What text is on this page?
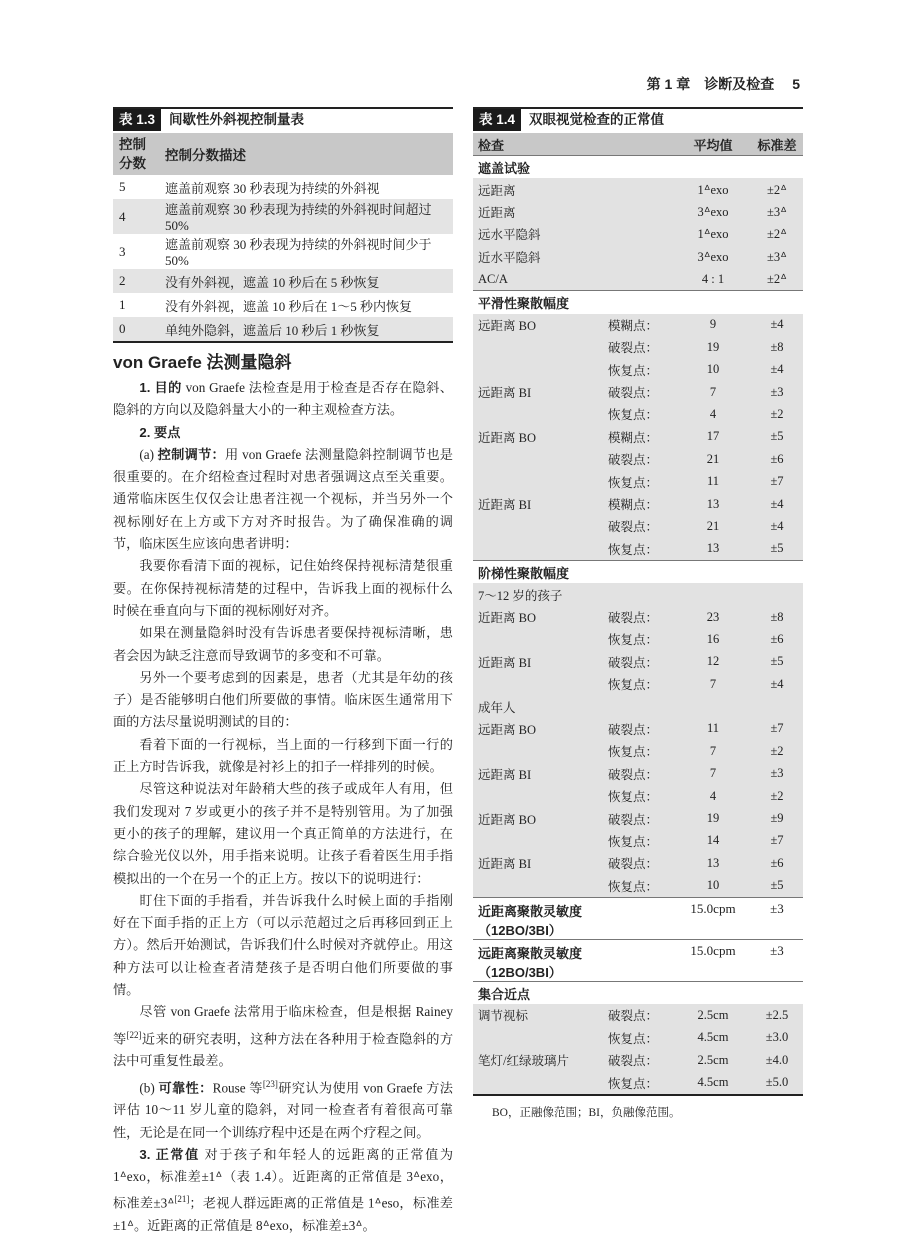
第 1 章 诊断及检查 5
表 1.3 间歇性外斜视控制量表
控制
分数	控制分数描述
5	遮盖前观察 30 秒表现为持续的外斜视
4	遮盖前观察 30 秒表现为持续的外斜视时间超过 50%
3	遮盖前观察 30 秒表现为持续的外斜视时间少于 50%
2	没有外斜视，遮盖 10 秒后在 5 秒恢复
1	没有外斜视，遮盖 10 秒后在 1～5 秒内恢复
0	单纯外隐斜，遮盖后 10 秒后 1 秒恢复
von Graefe 法测量隐斜

1. 目的 von Graefe 法检查是用于检查是否存在隐斜、隐斜的方向以及隐斜量大小的一种主观检查方法。

2. 要点

(a) 控制调节：用 von Graefe 法测量隐斜控制调节也是很重要的。在介绍检查过程时对患者强调这点至关重要。通常临床医生仅仅会让患者注视一个视标，并当另外一个视标刚好在上方或下方对齐时报告。为了确保准确的调节，临床医生应该向患者讲明：

我要你看清下面的视标，记住始终保持视标清楚很重要。在你保持视标清楚的过程中，告诉我上面的视标什么时候在垂直向与下面的视标刚好对齐。

如果在测量隐斜时没有告诉患者要保持视标清晰，患者会因为缺乏注意而导致调节的多变和不可靠。

另外一个要考虑到的因素是，患者（尤其是年幼的孩子）是否能够明白他们所要做的事情。临床医生通常用下面的方法尽量说明测试的目的：

看着下面的一行视标，当上面的一行移到下面一行的正上方时告诉我，就像是衬衫上的扣子一样排列的时候。

尽管这种说法对年龄稍大些的孩子或成年人有用，但我们发现对 7 岁或更小的孩子并不是特别管用。为了加强更小的孩子的理解，建议用一个真正简单的方法进行，在综合验光仪以外，用手指来说明。让孩子看着医生用手指模拟出的一个在另一个的正上方。按以下的说明进行：

盯住下面的手指看，并告诉我什么时候上面的手指刚好在下面手指的正上方（可以示范超过之后再移回到正上方）。然后开始测试，告诉我们什么时候对齐就停止。用这种方法可以让检查者清楚孩子是否明白他们所要做的事情。

尽管 von Graefe 法常用于临床检查，但是根据 Rainey 等[22]近来的研究表明，这种方法在各种用于检查隐斜的方法中可重复性最差。

(b) 可靠性：Rouse 等[23]研究认为使用 von Graefe 方法评估 10～11 岁儿童的隐斜，对同一检查者有着很高可靠性，无论是在同一个训练疗程中还是在两个疗程之间。

3. 正常值 对于孩子和年轻人的远距离的正常值为 1ᐞexo，标准差±1ᐞ（表 1.4）。近距离的正常值是 3ᐞexo，标准差±3ᐞ[21]；老视人群远距离的正常值是 1ᐞeso，标准差±1ᐞ。近距离的正常值是 8ᐞexo，标准差±3ᐞ。

表 1.4 双眼视觉检查的正常值
检查		平均值	标准差
遮盖试验			
远距离		1ᐞexo	±2ᐞ
近距离		3ᐞexo	±3ᐞ
远水平隐斜		1ᐞexo	±2ᐞ
近水平隐斜		3ᐞexo	±3ᐞ
AC/A		4 : 1	±2ᐞ
平滑性聚散幅度			
远距离 BO	模糊点：	9	±4
	破裂点：	19	±8
	恢复点：	10	±4
远距离 BI	破裂点：	7	±3
	恢复点：	4	±2
近距离 BO	模糊点：	17	±5
	破裂点：	21	±6
	恢复点：	11	±7
近距离 BI	模糊点：	13	±4
	破裂点：	21	±4
	恢复点：	13	±5
阶梯性聚散幅度			
7～12 岁的孩子			
近距离 BO	破裂点：	23	±8
	恢复点：	16	±6
近距离 BI	破裂点：	12	±5
	恢复点：	7	±4
成年人			
远距离 BO	破裂点：	11	±7
	恢复点：	7	±2
远距离 BI	破裂点：	7	±3
	恢复点：	4	±2
近距离 BO	破裂点：	19	±9
	恢复点：	14	±7
近距离 BI	破裂点：	13	±6
	恢复点：	10	±5
近距离聚散灵敏度
（12BO/3BI）		15.0cpm	±3
远距离聚散灵敏度
（12BO/3BI）		15.0cpm	±3
集合近点			
调节视标	破裂点：	2.5cm	±2.5
	恢复点：	4.5cm	±3.0
笔灯/红绿玻璃片	破裂点：	2.5cm	±4.0
	恢复点：	4.5cm	±5.0
BO，正融像范围；BI，负融像范围。
